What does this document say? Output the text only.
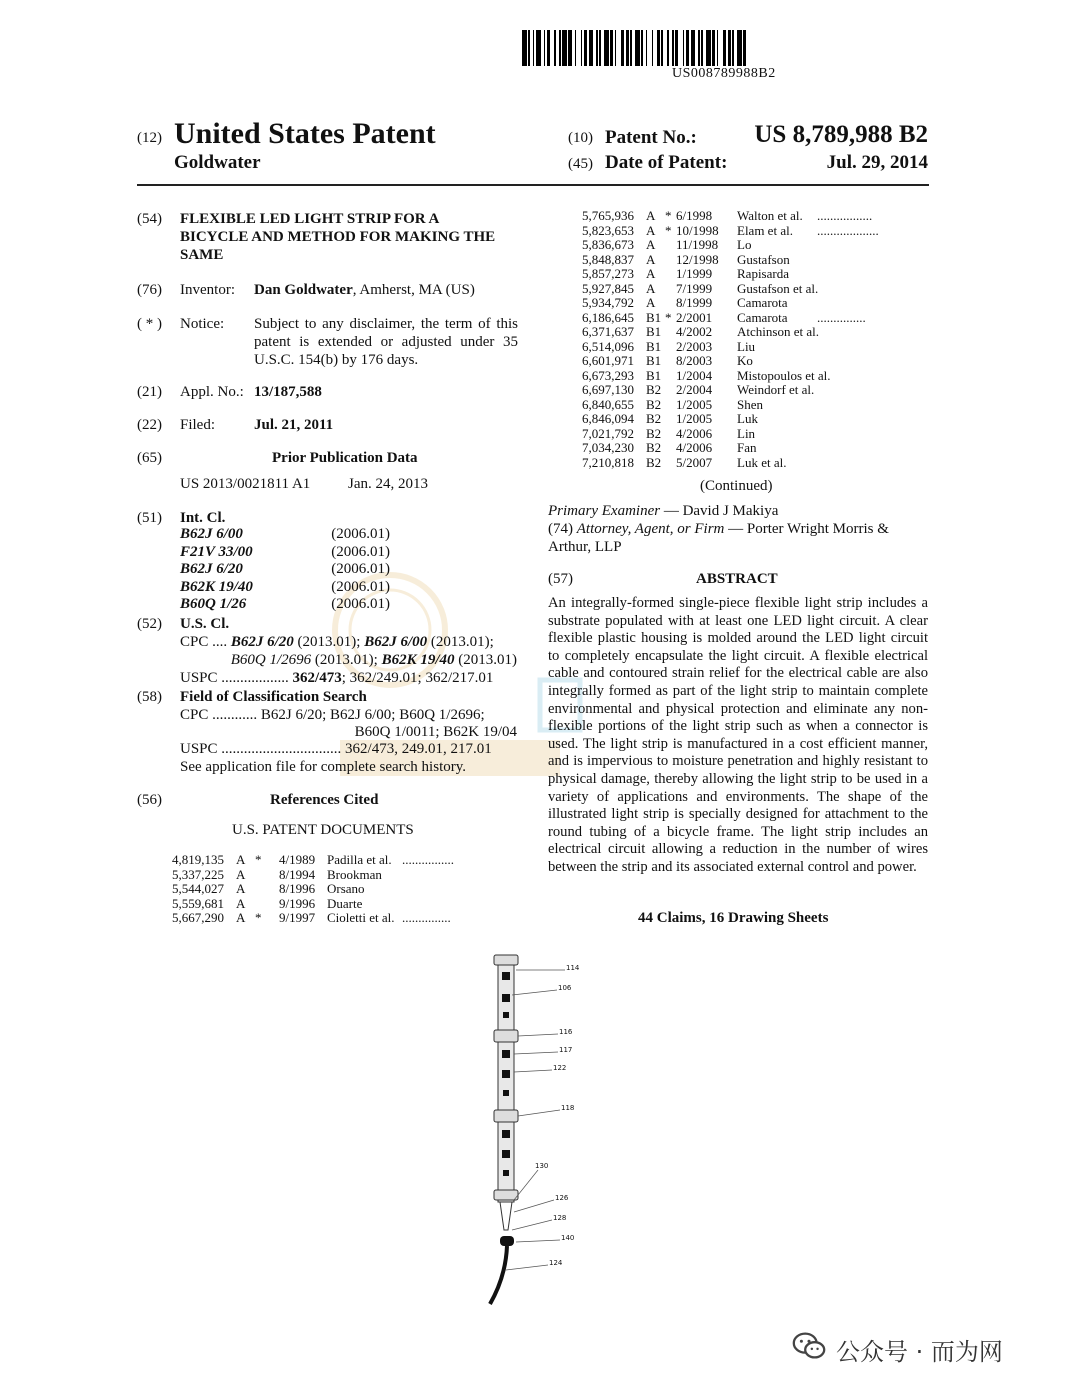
US008789988B2
(12) United States Patent
Goldwater
(10) Patent No.: US 8,789,988 B2
(45) Date of Patent:	Jul. 29, 2014
(54) FLEXIBLE LED LIGHT STRIP FOR A
BICYCLE AND METHOD FOR MAKING THE
SAME
(76) Inventor: Dan Goldwater, Amherst, MA (US)
( * ) Notice: Subject to any disclaimer, the term of this
patent is extended or adjusted under 35
U.S.C. 154(b) by 176 days.
(21) Appl. No.: 13/187,588
(22) Filed:	Jul. 21, 2011
(65)	Prior Publication Data
US 2013/0021811 A1	Jan. 24, 2013
(51) Int. Cl.
B62J 6/00	(2006.01)
F21V 33/00	(2006.01)
B62J 6/20	(2006.01)
B62K 19/40	(2006.01)
B60Q 1/26	(2006.01)
(52) U.S. Cl.
CPC .... B62J 6/20 (2013.01); B62J 6/00 (2013.01);
B60Q 1/2696 (2013.01); B62K 19/40 (2013.01)
USPC .................. 362/473; 362/249.01; 362/217.01
(58) Field of Classification Search
CPC ............ B62J 6/20; B62J 6/00; B60Q 1/2696;
B60Q 1/0011; B62K 19/04
USPC ................................ 362/473, 249.01, 217.01
See application file for complete search history.
(56)	References Cited
U.S. PATENT DOCUMENTS
4,819,135 A * 4/1989 Padilla et al. ................
5,337,225 A	8/1994 Brookman
5,544,027 A	8/1996 Orsano
5,559,681 A	9/1996 Duarte
5,667,290 A * 9/1997 Cioletti et al. ...............
5,765,936 A * 6/1998 Walton et al. .................
5,823,653 A * 10/1998 Elam et al. ...................
5,836,673 A 11/1998 Lo
5,848,837 A 12/1998 Gustafson
5,857,273 A 1/1999 Rapisarda
5,927,845 A 7/1999 Gustafson et al.
5,934,792 A 8/1999 Camarota
6,186,645 B1 * 2/2001 Camarota ...............
6,371,637 B1 4/2002 Atchinson et al.
6,514,096 B1 2/2003 Liu
6,601,971 B1 8/2003 Ko
6,673,293 B1 1/2004 Mistopoulos et al.
6,697,130 B2 2/2004 Weindorf et al.
6,840,655 B2 1/2005 Shen
6,846,094 B2 1/2005 Luk
7,021,792 B2 4/2006 Lin
7,034,230 B2 4/2006 Fan
7,210,818 B2 5/2007 Luk et al.
(Continued)
Primary Examiner — David J Makiya
(74) Attorney, Agent, or Firm — Porter Wright Morris &
Arthur, LLP
(57)	ABSTRACT
An integrally-formed single-piece flexible light strip includes a substrate populated with at least one LED light circuit. A clear flexible plastic housing is molded around the LED light circuit to completely encapsulate the light circuit. A flexible electrical cable and contoured strain relief for the electrical cable are also integrally formed as part of the light strip to maintain complete environmental and physical protection and eliminate any non-flexible portions of the light strip such as when a connector is used. The light strip is manufactured in a cost efficient manner, and is impervious to moisture penetration and highly resistant to physical damage, thereby allowing the light strip to be used in a variety of applications and environments. The shape of the illustrated light strip is specially designed for attachment to the round tubing of a bicycle frame. The light strip includes an electrical circuit allowing a reduction in the number of wires between the strip and its associated external control and power.
44 Claims, 16 Drawing Sheets
114
106
116
117
122
118
130
126
128
140
124
公众号 · 而为网
